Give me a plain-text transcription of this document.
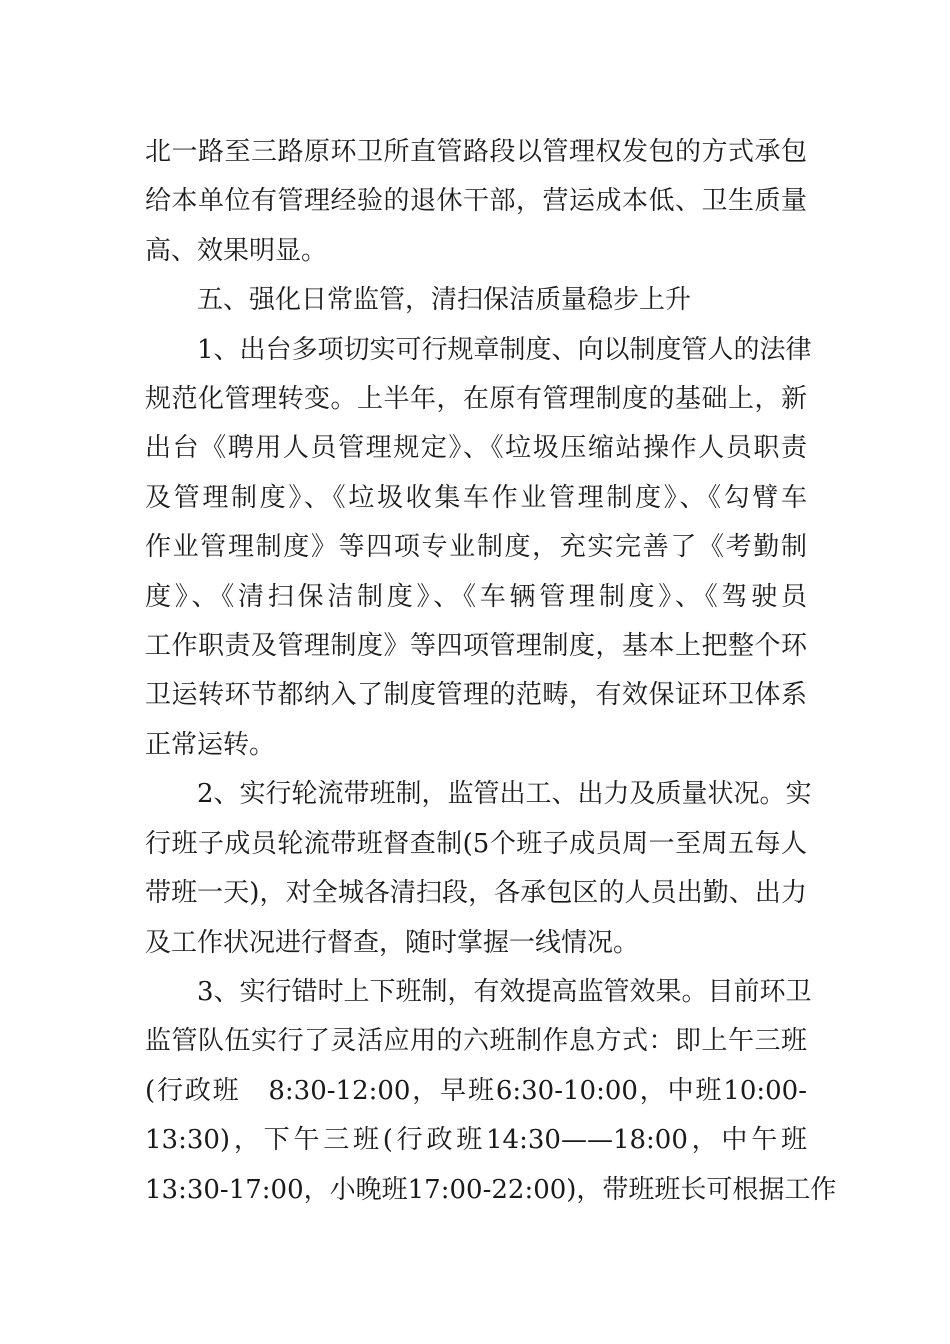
北一路至三路原环卫所直管路段以管理权发包的方式承包
给本单位有管理经验的退休干部，营运成本低、卫生质量
高、效果明显。
五、强化日常监管，清扫保洁质量稳步上升
1、出台多项切实可行规章制度、向以制度管人的法律
规范化管理转变。上半年，在原有管理制度的基础上，新
出台《聘用人员管理规定》、《垃圾压缩站操作人员职责
及管理制度》、《垃圾收集车作业管理制度》、《勾臂车
作业管理制度》等四项专业制度，充实完善了《考勤制
度》、《清扫保洁制度》、《车辆管理制度》、《驾驶员
工作职责及管理制度》等四项管理制度，基本上把整个环
卫运转环节都纳入了制度管理的范畴，有效保证环卫体系
正常运转。
2、实行轮流带班制，监管出工、出力及质量状况。实
行班子成员轮流带班督查制(5个班子成员周一至周五每人
带班一天)，对全城各清扫段，各承包区的人员出勤、出力
及工作状况进行督查，随时掌握一线情况。
3、实行错时上下班制，有效提高监管效果。目前环卫
监管队伍实行了灵活应用的六班制作息方式：即上午三班
(行政班　8:30-12:00，早班6:30-10:00，中班10:00-
13:30)，下午三班(行政班14:30——18:00，中午班
13:30-17:00，小晚班17:00-22:00)，带班班长可根据工作
